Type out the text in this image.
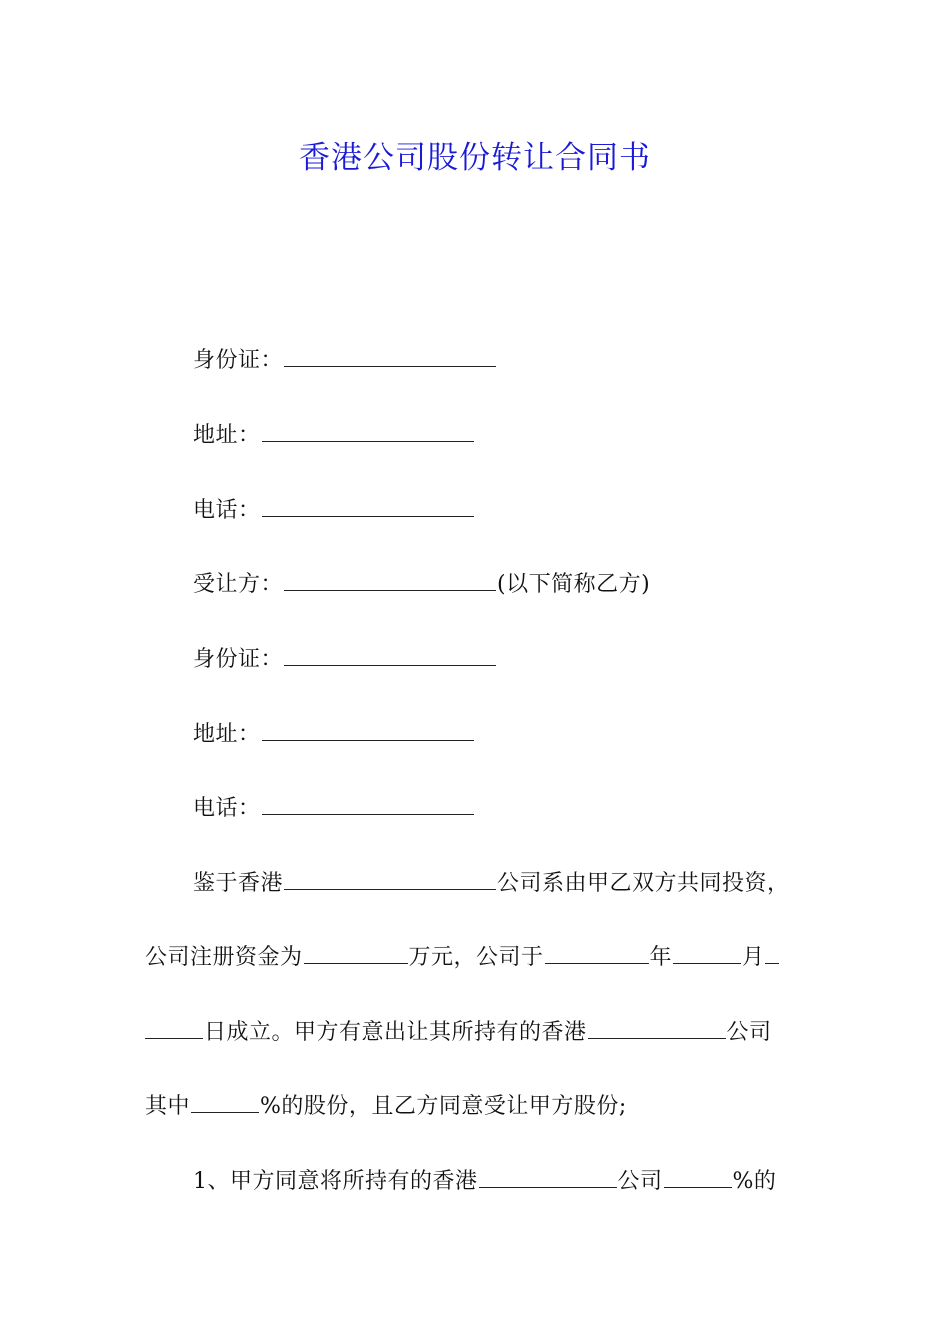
香港公司股份转让合同书
身份证：
地址：
电话：
受让方：	(以下简称乙方)
身份证：
地址：
电话：
鉴于香港	公司系由甲乙双方共同投资，
公司注册资金为	万元，公司于	年	月
日成立。甲方有意出让其所持有的香港	公司
其中	%的股份，且乙方同意受让甲方股份;
1、甲方同意将所持有的香港	公司	%的
